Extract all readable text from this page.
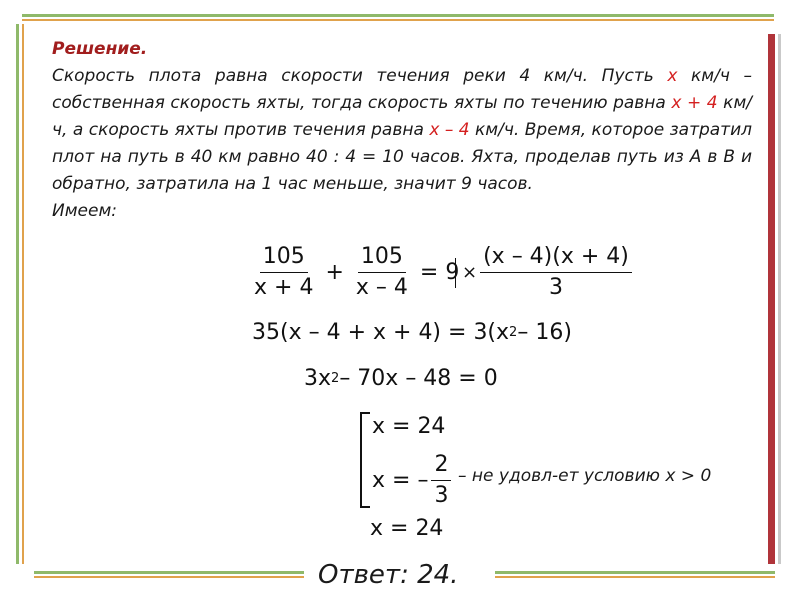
Решение.
Скорость плота равна скорости течения реки 4 км/ч. Пусть x км/ч – собственная скорость яхты, тогда скорость яхты по течению равна x + 4 км/ч, а скорость яхты против течения равна x – 4 км/ч. Время, которое затратил плот на путь в 40 км равно 40 : 4 = 10 часов. Яхта, проделав путь из А в В и обратно, затратила на 1 час меньше, значит 9 часов.
Имеем:
$\frac{105}{x + 4} + \frac{105}{x - 4} = 9 \times \frac{(x - 4)(x + 4)}{3}$
35(x – 4 + x + 4) = 3(x 2 – 16)
3x 2 – 70x – 48 = 0
x = 24
x = – $\frac{2}{3}$ – не удовл-ет условию x > 0
x = 24
Ответ: 24.
